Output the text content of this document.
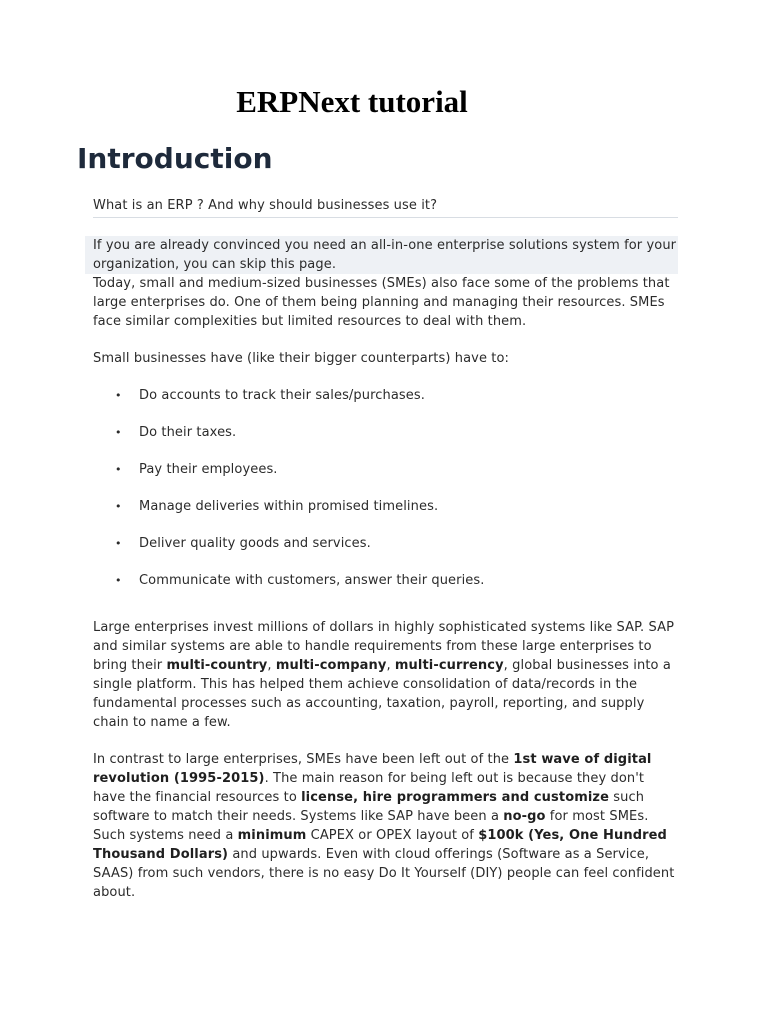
ERPNext tutorial
Introduction

What is an ERP ? And why should businesses use it?

If you are already convinced you need an all-in-one enterprise solutions system for your organization, you can skip this page.

Today, small and medium-sized businesses (SMEs) also face some of the problems that large enterprises do. One of them being planning and managing their resources. SMEs face similar complexities but limited resources to deal with them.

Small businesses have (like their bigger counterparts) have to:

• Do accounts to track their sales/purchases.
• Do their taxes.
• Pay their employees.
• Manage deliveries within promised timelines.
• Deliver quality goods and services.
• Communicate with customers, answer their queries.

Large enterprises invest millions of dollars in highly sophisticated systems like SAP. SAP and similar systems are able to handle requirements from these large enterprises to bring their multi-country, multi-company, multi-currency, global businesses into a single platform. This has helped them achieve consolidation of data/records in the fundamental processes such as accounting, taxation, payroll, reporting, and supply chain to name a few.

In contrast to large enterprises, SMEs have been left out of the 1st wave of digital revolution (1995-2015). The main reason for being left out is because they don't have the financial resources to license, hire programmers and customize such software to match their needs. Systems like SAP have been a no-go for most SMEs. Such systems need a minimum CAPEX or OPEX layout of $100k (Yes, One Hundred Thousand Dollars) and upwards. Even with cloud offerings (Software as a Service, SAAS) from such vendors, there is no easy Do It Yourself (DIY) people can feel confident about.
